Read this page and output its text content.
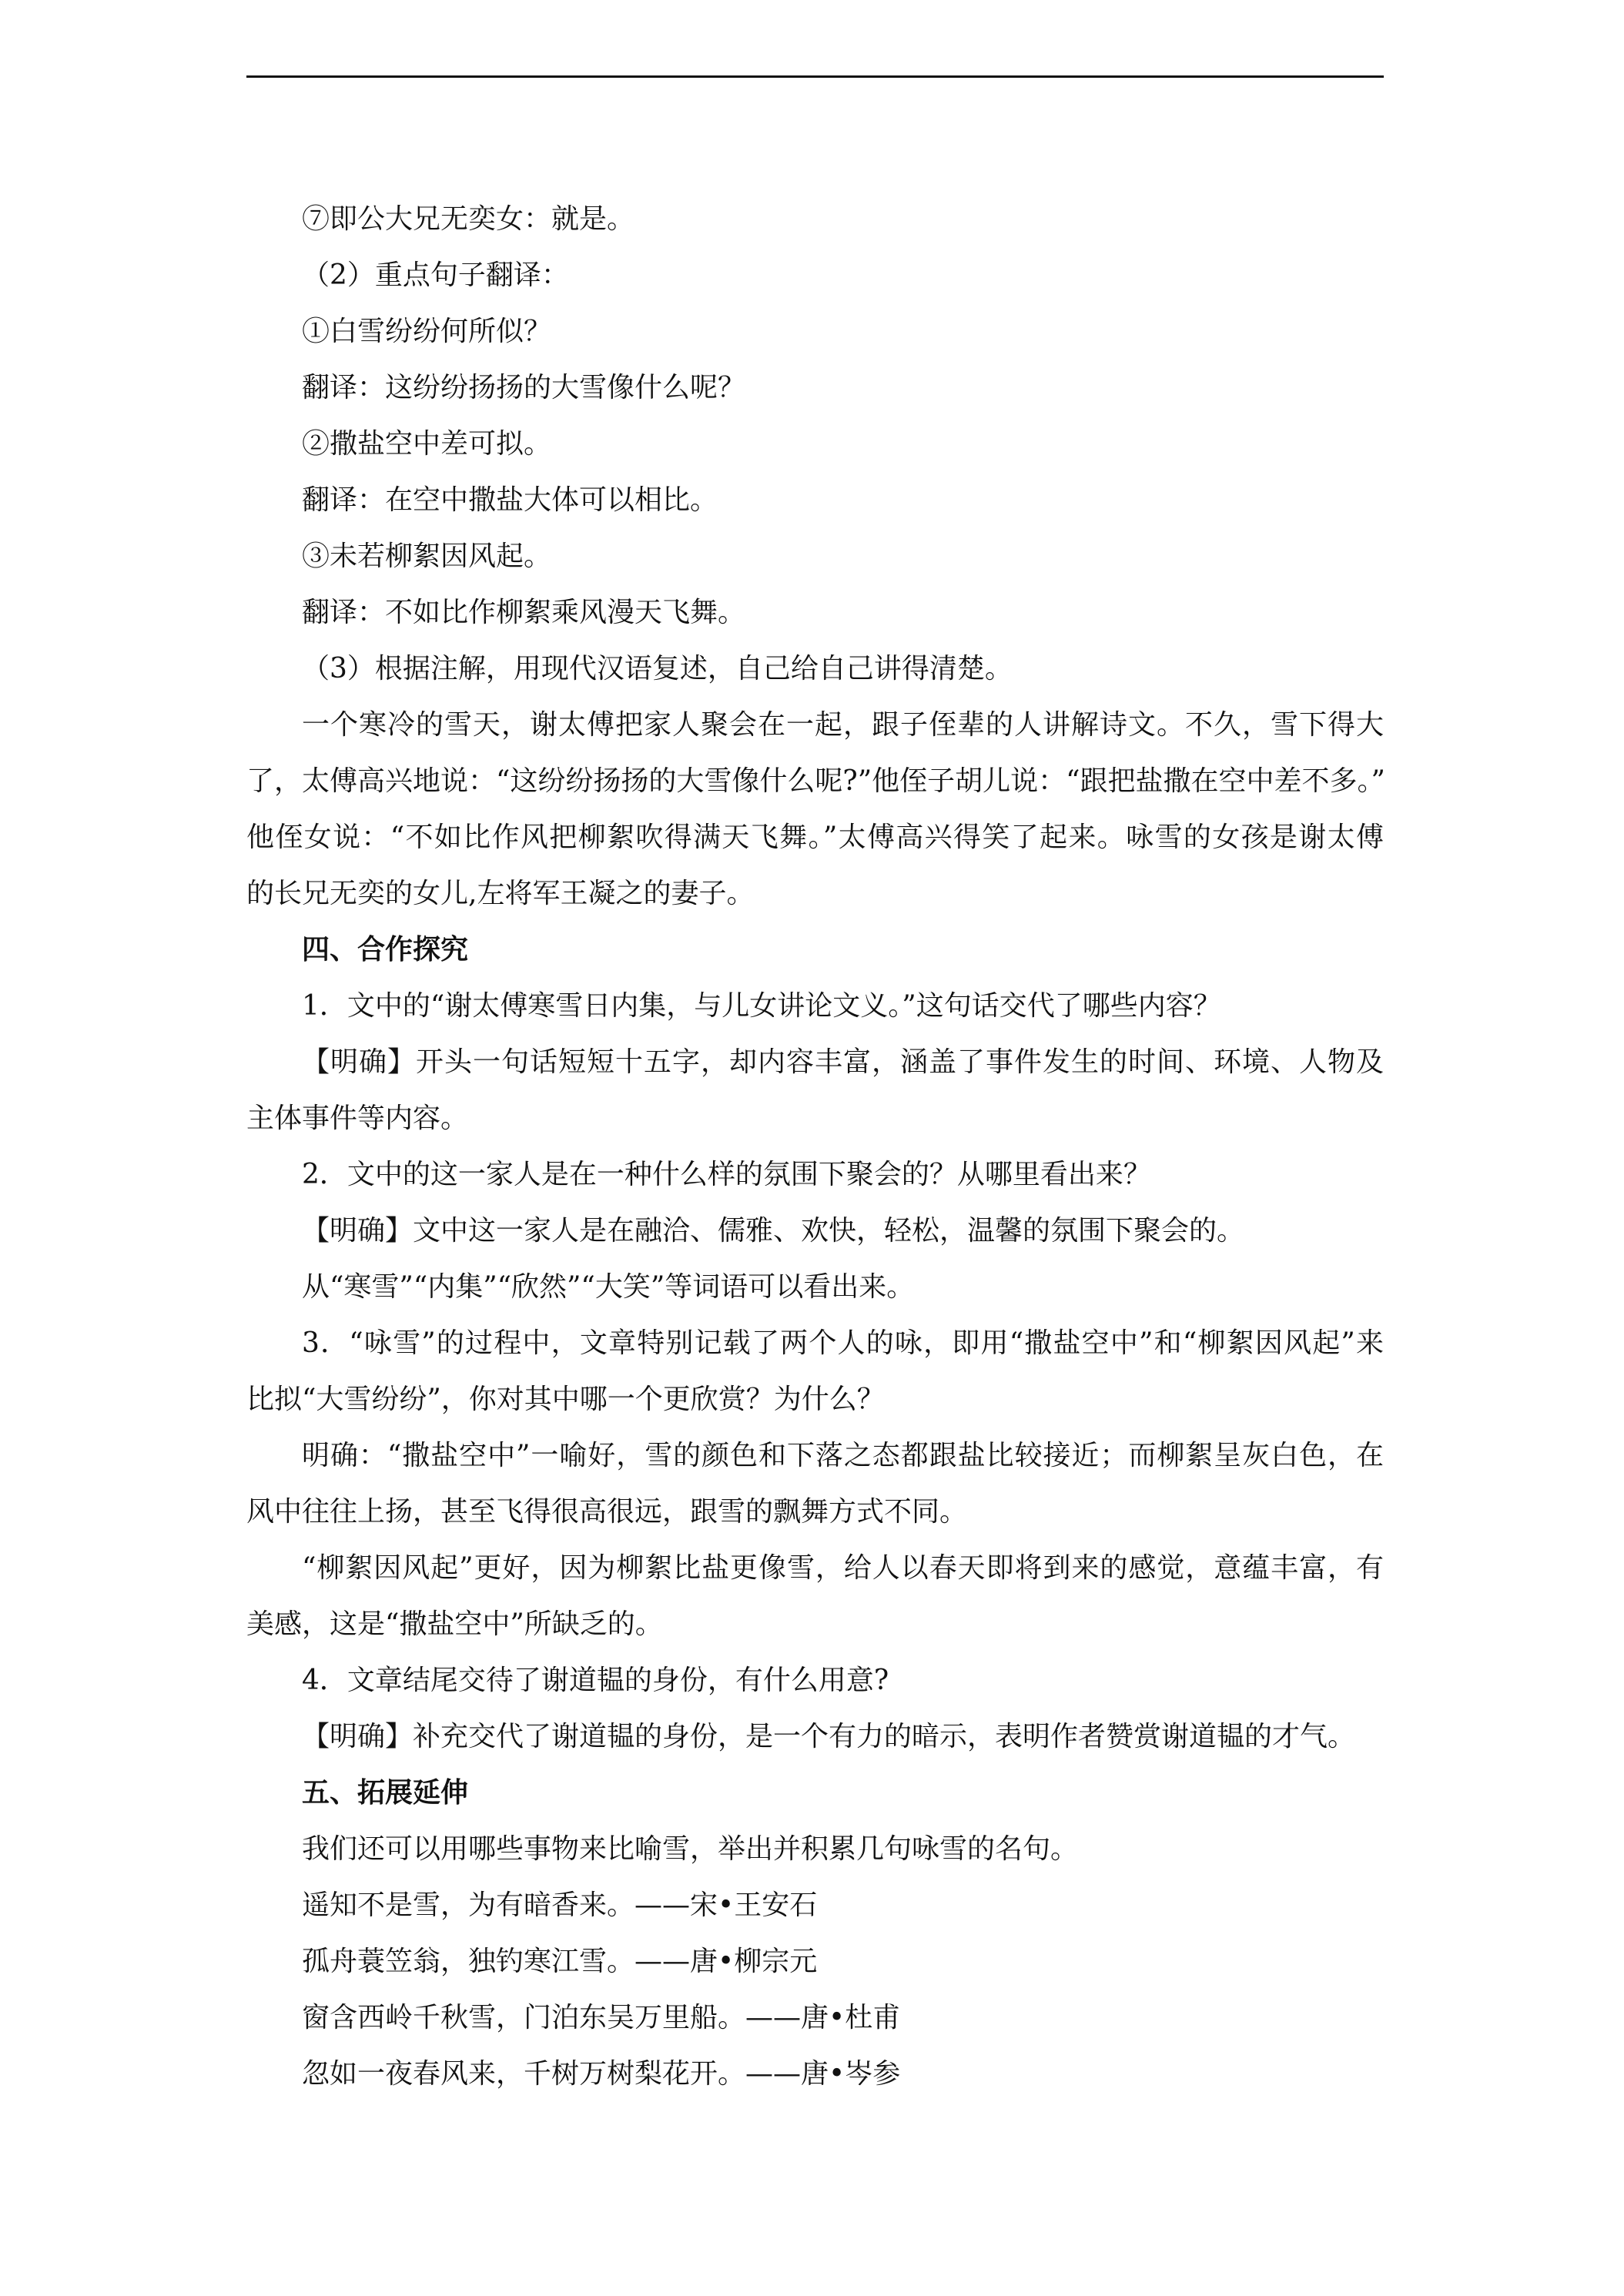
⑦即公大兄无奕女：就是。

（2）重点句子翻译：

①白雪纷纷何所似？

翻译：这纷纷扬扬的大雪像什么呢？

②撒盐空中差可拟。

翻译：在空中撒盐大体可以相比。

③未若柳絮因风起。

翻译：不如比作柳絮乘风漫天飞舞。

（3）根据注解，用现代汉语复述，自己给自己讲得清楚。

一个寒冷的雪天，谢太傅把家人聚会在一起，跟子侄辈的人讲解诗文。不久，雪下得大

了，太傅高兴地说：“这纷纷扬扬的大雪像什么呢?”他侄子胡儿说：“跟把盐撒在空中差不多。”

他侄女说：“不如比作风把柳絮吹得满天飞舞。”太傅高兴得笑了起来。咏雪的女孩是谢太傅

的长兄无奕的女儿,左将军王凝之的妻子。

四、合作探究

1．文中的“谢太傅寒雪日内集，与儿女讲论文义。”这句话交代了哪些内容？

【明确】开头一句话短短十五字，却内容丰富，涵盖了事件发生的时间、环境、人物及

主体事件等内容。

2．文中的这一家人是在一种什么样的氛围下聚会的？从哪里看出来？

【明确】文中这一家人是在融洽、儒雅、欢快，轻松，温馨的氛围下聚会的。

从“寒雪”“内集”“欣然”“大笑”等词语可以看出来。

3．“咏雪”的过程中，文章特别记载了两个人的咏，即用“撒盐空中”和“柳絮因风起”来

比拟“大雪纷纷”，你对其中哪一个更欣赏？为什么？

明确：“撒盐空中”一喻好，雪的颜色和下落之态都跟盐比较接近；而柳絮呈灰白色，在

风中往往上扬，甚至飞得很高很远，跟雪的飘舞方式不同。

“柳絮因风起”更好，因为柳絮比盐更像雪，给人以春天即将到来的感觉，意蕴丰富，有

美感，这是“撒盐空中”所缺乏的。

4．文章结尾交待了谢道韫的身份，有什么用意?

【明确】补充交代了谢道韫的身份，是一个有力的暗示，表明作者赞赏谢道韫的才气。

五、拓展延伸

我们还可以用哪些事物来比喻雪，举出并积累几句咏雪的名句。

遥知不是雪，为有暗香来。——宋•王安石

孤舟蓑笠翁，独钓寒江雪。——唐•柳宗元

窗含西岭千秋雪，门泊东吴万里船。——唐•杜甫

忽如一夜春风来，千树万树梨花开。——唐•岑参
